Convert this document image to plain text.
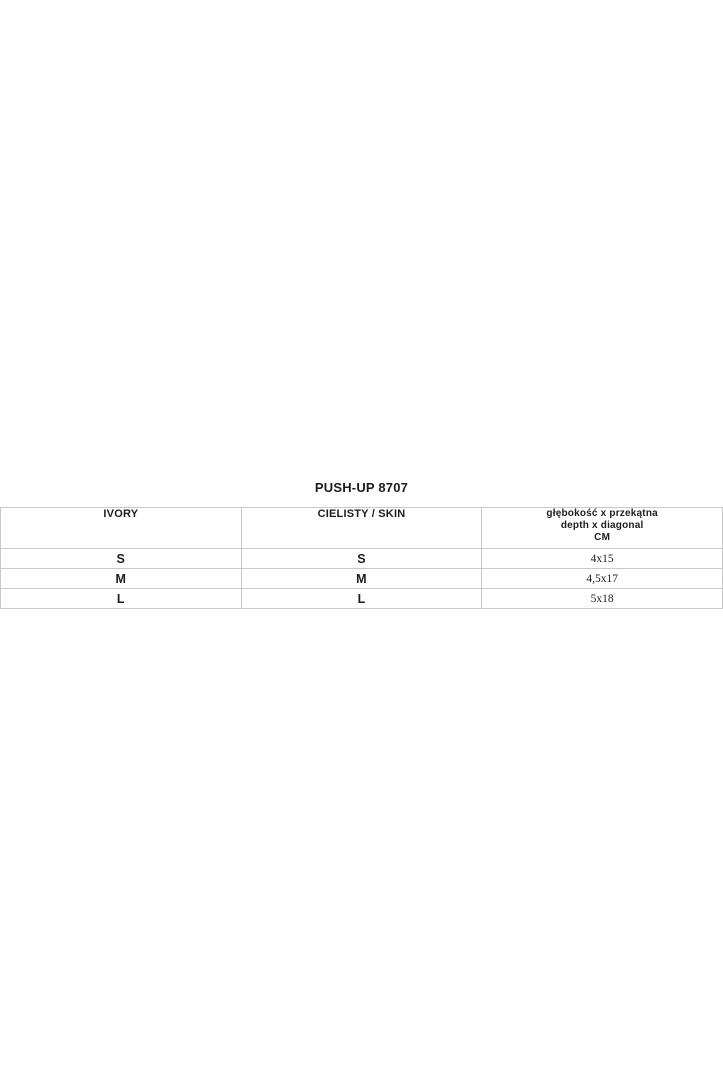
PUSH-UP 8707
IVORY	CIELISTY / SKIN	głębokość x przekątna
depth x diagonal
CM

S	S	4x15
M	M	4,5x17
L	L	5x18
